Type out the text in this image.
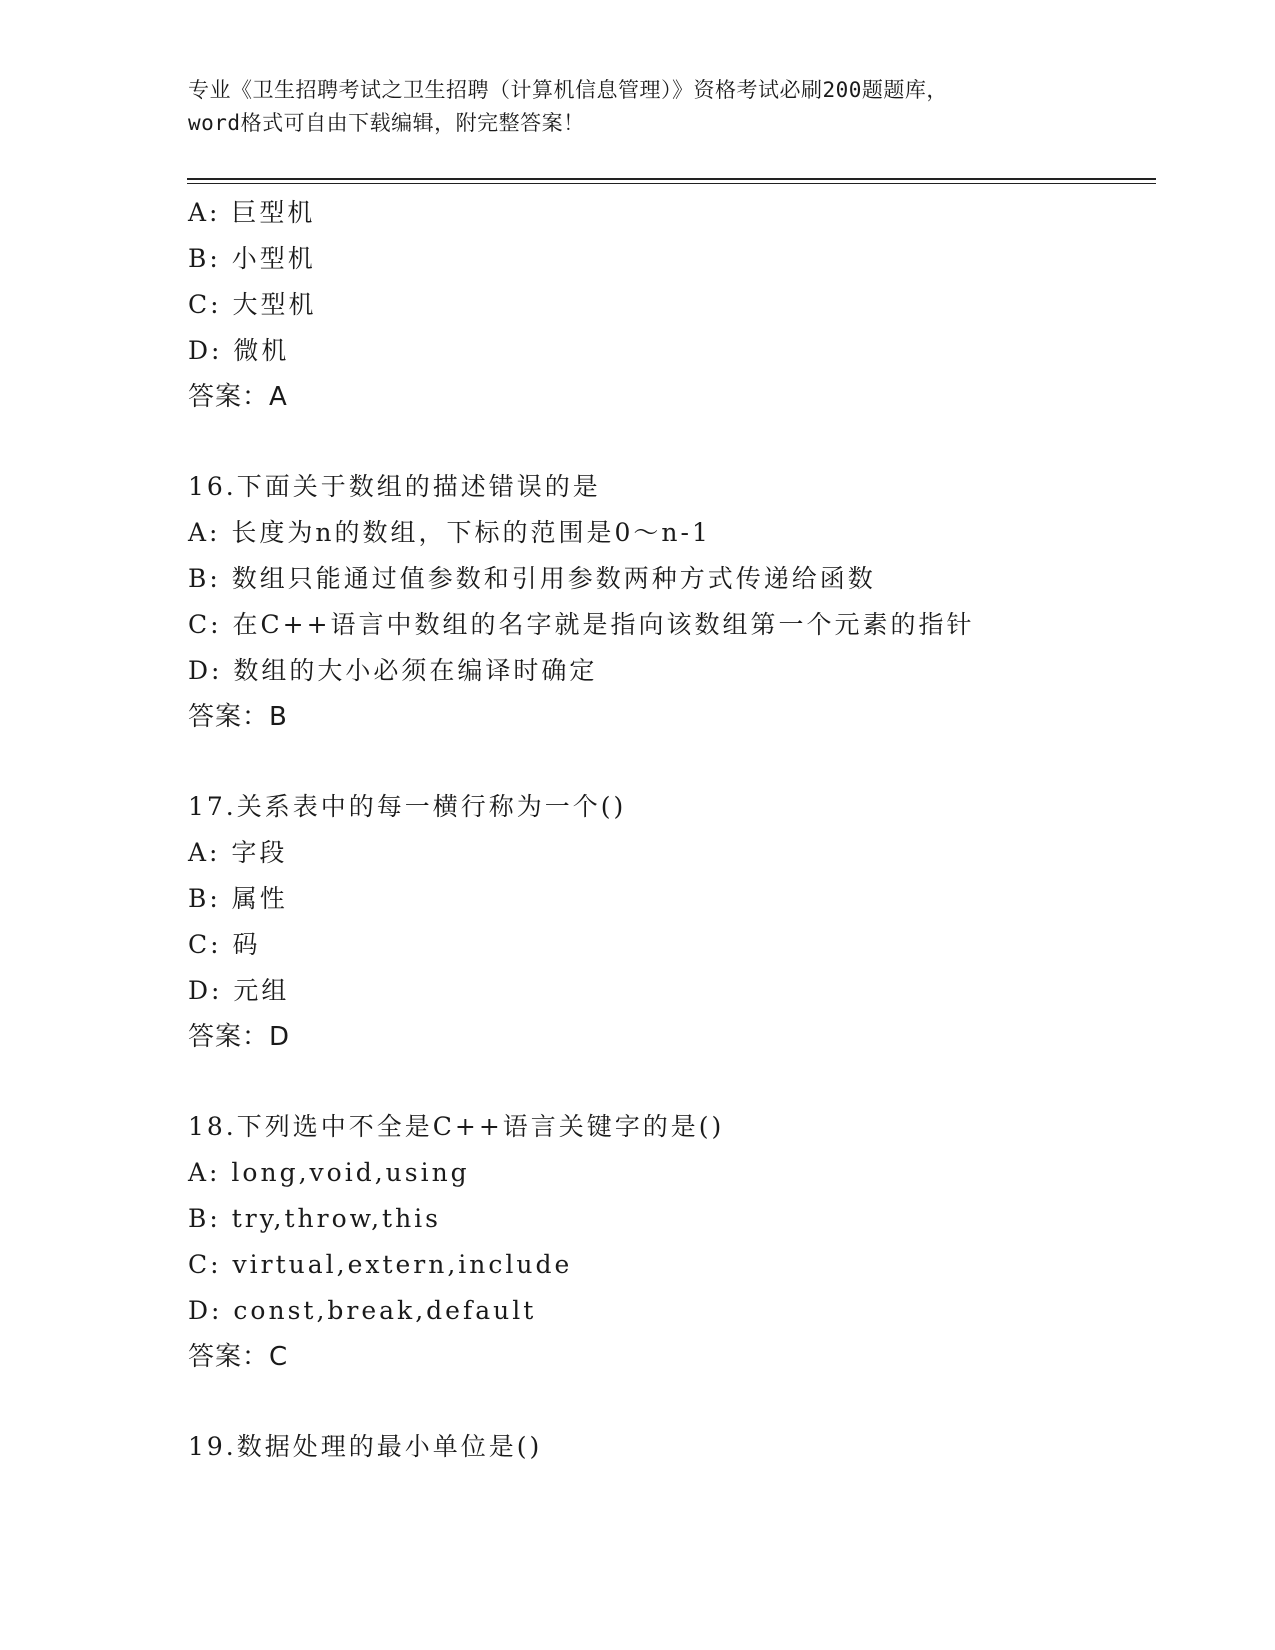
专业《卫生招聘考试之卫生招聘（计算机信息管理）》资格考试必刷200题题库，
word格式可自由下载编辑，附完整答案！
A: 巨型机
B: 小型机
C: 大型机
D: 微机
答案：A
16.下面关于数组的描述错误的是
A: 长度为n的数组，下标的范围是0～n-1
B: 数组只能通过值参数和引用参数两种方式传递给函数
C: 在C++语言中数组的名字就是指向该数组第一个元素的指针
D: 数组的大小必须在编译时确定
答案：B
17.关系表中的每一横行称为一个()
A: 字段
B: 属性
C: 码
D: 元组
答案：D
18.下列选中不全是C++语言关键字的是()
A: long,void,using
B: try,throw,this
C: virtual,extern,include
D: const,break,default
答案：C
19.数据处理的最小单位是()
